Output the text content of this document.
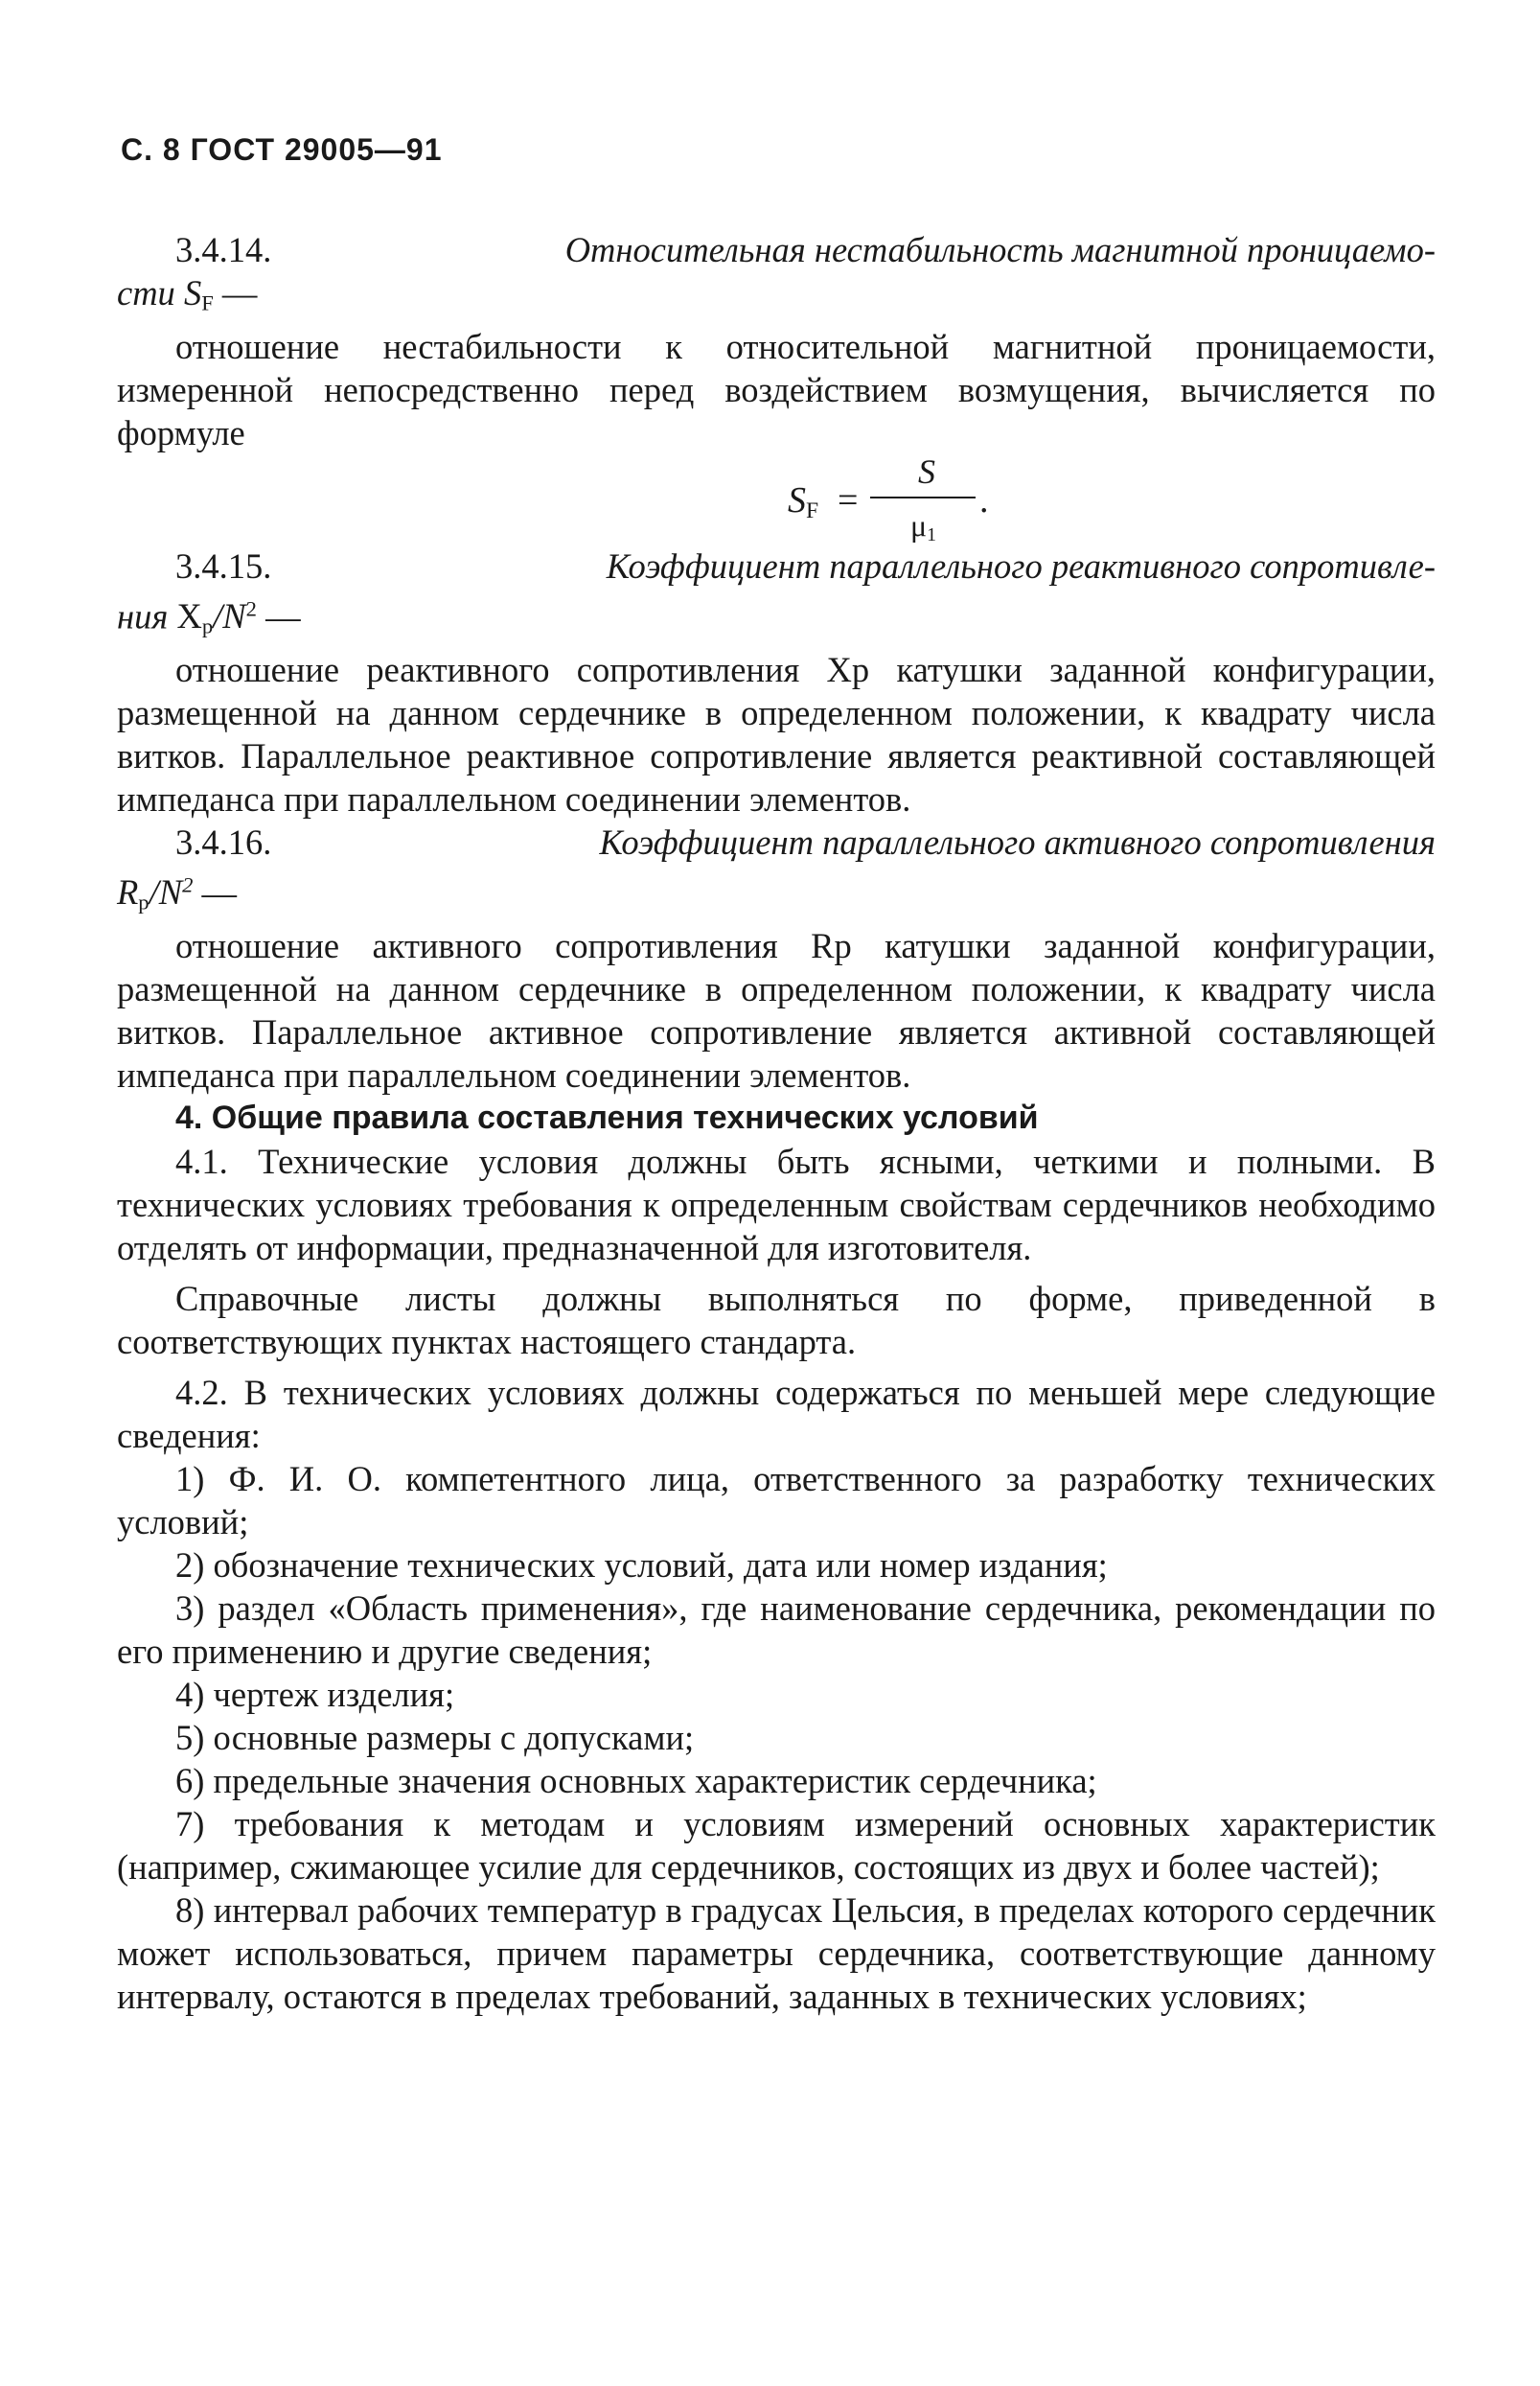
С. 8 ГОСТ 29005—91
3.4.14.	Относительная нестабильность магнитной проницаемо-
сти $S_F$ —
отношение нестабильности к относительной магнитной проницаемости, измеренной непосредственно перед воздействием возмущения, вычисляется по формуле
$S_F$ =
S
$\mu_1$
.
3.4.15.	Коэффициент параллельного реактивного сопротивле-
ния $X_p/N^2$ —
отношение реактивного сопротивления Xp катушки заданной конфигурации, размещенной на данном сердечнике в определенном положении, к квадрату числа витков. Параллельное реактивное сопротивление является реактивной составляющей импеданса при параллельном соединении элементов.
3.4.16.	Коэффициент параллельного активного сопротивления
$R_p/N^2$ —
отношение активного сопротивления Rp катушки заданной конфигурации, размещенной на данном сердечнике в определенном положении, к квадрату числа витков. Параллельное активное сопротивление является активной составляющей импеданса при параллельном соединении элементов.
4. Общие правила составления технических условий
4.1. Технические условия должны быть ясными, четкими и полными. В технических условиях требования к определенным свойствам сердечников необходимо отделять от информации, предназначенной для изготовителя.
Справочные листы должны выполняться по форме, приведенной в соответствующих пунктах настоящего стандарта.
4.2. В технических условиях должны содержаться по меньшей мере следующие сведения:
1) Ф. И. О. компетентного лица, ответственного за разработку технических условий;
2) обозначение технических условий, дата или номер издания;
3) раздел «Область применения», где наименование сердечника, рекомендации по его применению и другие сведения;
4) чертеж изделия;
5) основные размеры с допусками;
6) предельные значения основных характеристик сердечника;
7) требования к методам и условиям измерений основных характеристик (например, сжимающее усилие для сердечников, состоящих из двух и более частей);
8) интервал рабочих температур в градусах Цельсия, в пределах которого сердечник может использоваться, причем параметры сердечника, соответствующие данному интервалу, остаются в пределах требований, заданных в технических условиях;
